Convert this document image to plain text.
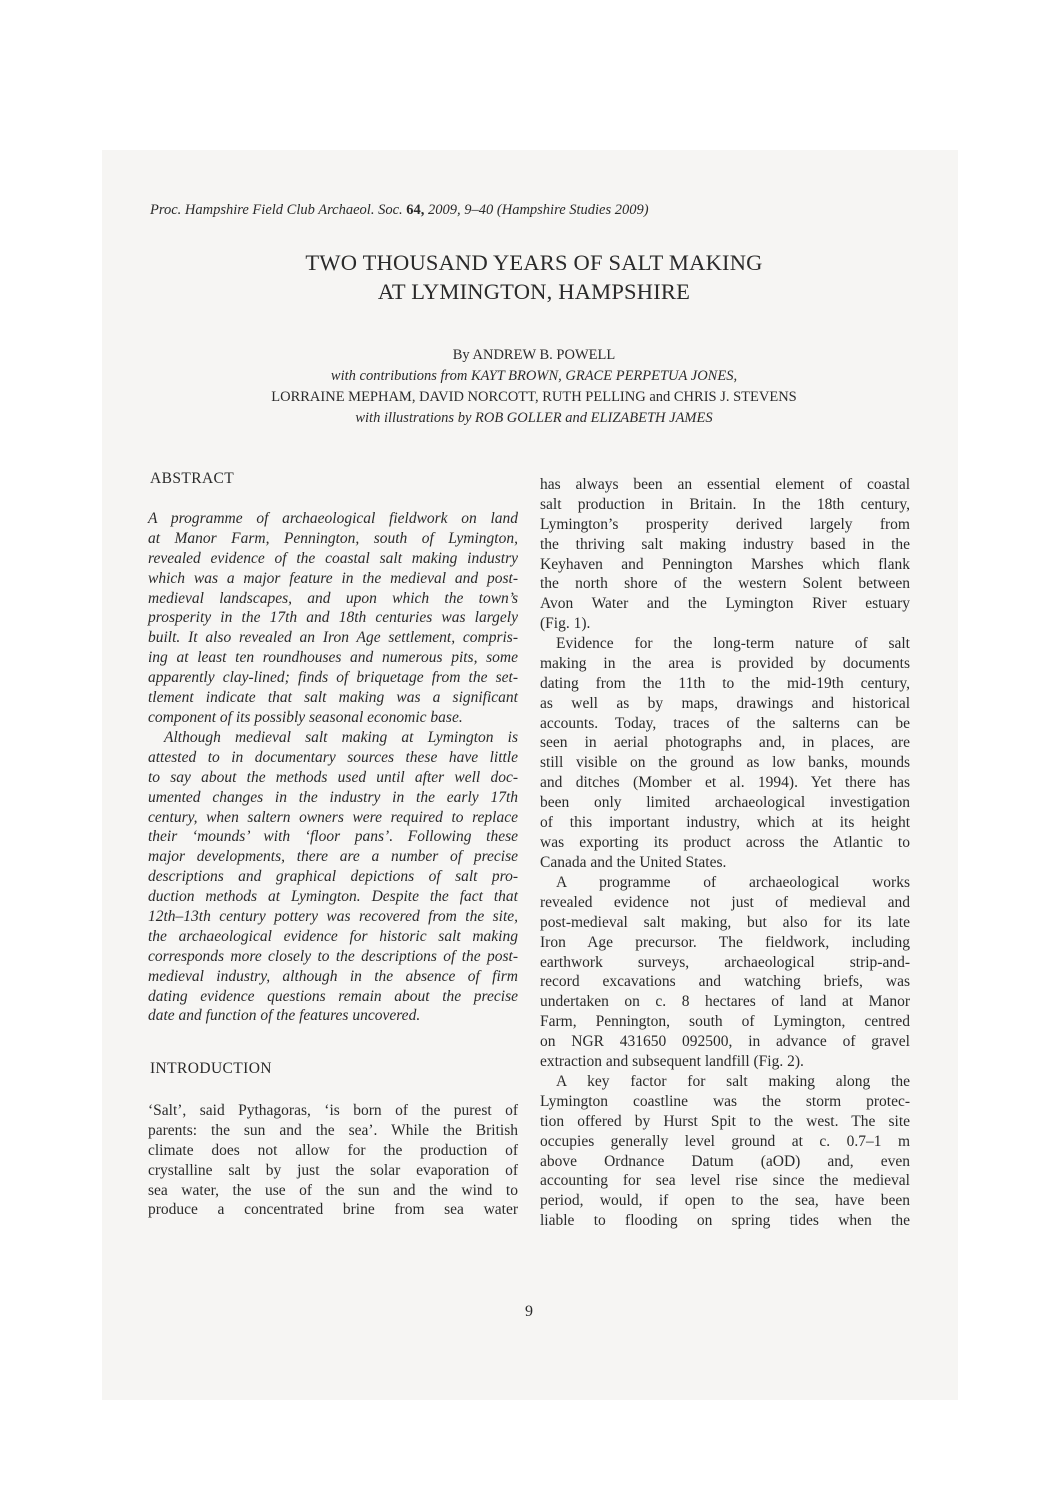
Proc. Hampshire Field Club Archaeol. Soc. 64, 2009, 9–40 (Hampshire Studies 2009)
TWO THOUSAND YEARS OF SALT MAKING
AT LYMINGTON, HAMPSHIRE
By ANDREW B. POWELL
with contributions from KAYT BROWN, GRACE PERPETUA JONES,
LORRAINE MEPHAM, DAVID NORCOTT, RUTH PELLING and CHRIS J. STEVENS
with illustrations by ROB GOLLER and ELIZABETH JAMES
ABSTRACT
A programme of archaeological fieldwork on land
at Manor Farm, Pennington, south of Lymington,
revealed evidence of the coastal salt making industry
which was a major feature in the medieval and post-
medieval landscapes, and upon which the town’s
prosperity in the 17th and 18th centuries was largely
built. It also revealed an Iron Age settlement, compris-
ing at least ten roundhouses and numerous pits, some
apparently clay-lined; finds of briquetage from the set-
tlement indicate that salt making was a significant
component of its possibly seasonal economic base.
Although medieval salt making at Lymington is
attested to in documentary sources these have little
to say about the methods used until after well doc-
umented changes in the industry in the early 17th
century, when saltern owners were required to replace
their ‘mounds’ with ‘floor pans’. Following these
major developments, there are a number of precise
descriptions and graphical depictions of salt pro-
duction methods at Lymington. Despite the fact that
12th–13th century pottery was recovered from the site,
the archaeological evidence for historic salt making
corresponds more closely to the descriptions of the post-
medieval industry, although in the absence of firm
dating evidence questions remain about the precise
date and function of the features uncovered.
INTRODUCTION
‘Salt’, said Pythagoras, ‘is born of the purest of
parents: the sun and the sea’. While the British
climate does not allow for the production of
crystalline salt by just the solar evaporation of
sea water, the use of the sun and the wind to
produce a concentrated brine from sea water
has always been an essential element of coastal
salt production in Britain. In the 18th century,
Lymington’s prosperity derived largely from
the thriving salt making industry based in the
Keyhaven and Pennington Marshes which flank
the north shore of the western Solent between
Avon Water and the Lymington River estuary
(Fig. 1).
Evidence for the long-term nature of salt
making in the area is provided by documents
dating from the 11th to the mid-19th century,
as well as by maps, drawings and historical
accounts. Today, traces of the salterns can be
seen in aerial photographs and, in places, are
still visible on the ground as low banks, mounds
and ditches (Momber et al. 1994). Yet there has
been only limited archaeological investigation
of this important industry, which at its height
was exporting its product across the Atlantic to
Canada and the United States.
A programme of archaeological works
revealed evidence not just of medieval and
post-medieval salt making, but also for its late
Iron Age precursor. The fieldwork, including
earthwork surveys, archaeological strip-and-
record excavations and watching briefs, was
undertaken on c. 8 hectares of land at Manor
Farm, Pennington, south of Lymington, centred
on NGR 431650 092500, in advance of gravel
extraction and subsequent landfill (Fig. 2).
A key factor for salt making along the
Lymington coastline was the storm protec-
tion offered by Hurst Spit to the west. The site
occupies generally level ground at c. 0.7–1 m
above Ordnance Datum (aOD) and, even
accounting for sea level rise since the medieval
period, would, if open to the sea, have been
liable to flooding on spring tides when the
9
